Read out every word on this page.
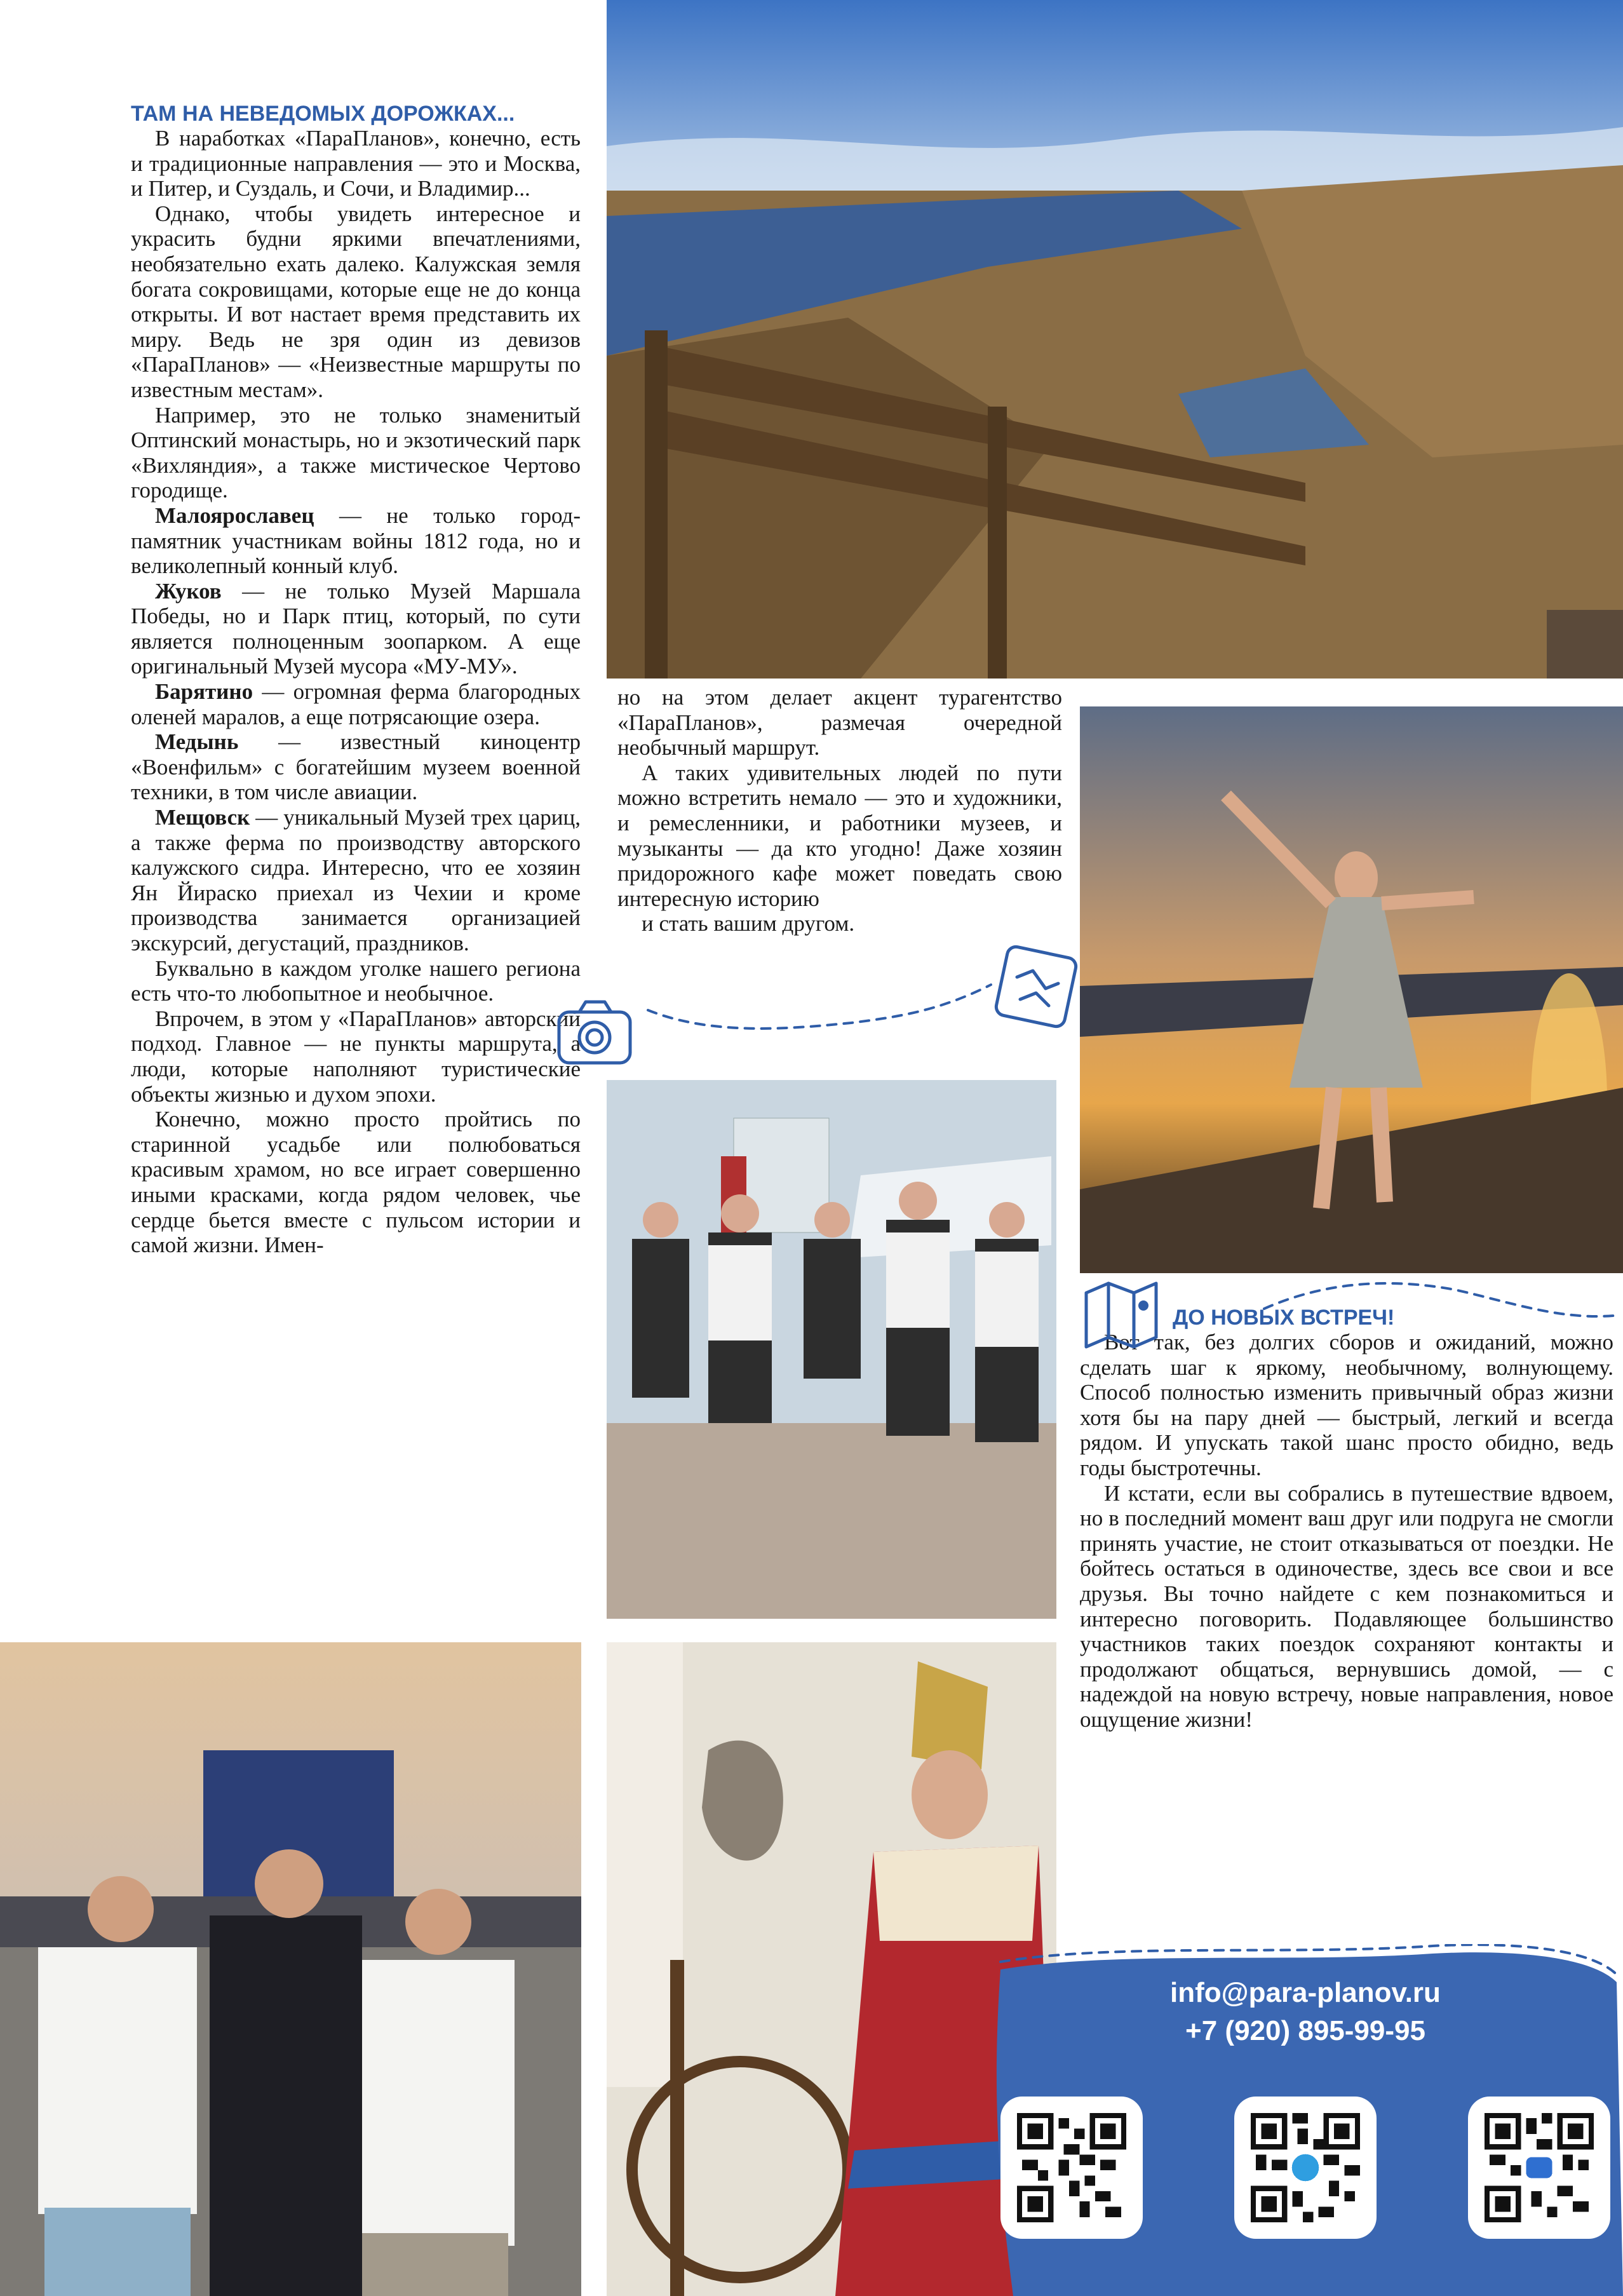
ТАМ НА НЕВЕДОМЫХ ДОРОЖКАХ...

В наработках «ПараПланов», конечно, есть и традиционные направления — это и Москва, и Питер, и Суздаль, и Сочи, и Владимир...

Однако, чтобы увидеть интересное и украсить будни яркими впечатлениями, необязательно ехать далеко. Калужская земля богата сокровищами, которые еще не до конца открыты. И вот настает время представить их миру. Ведь не зря один из девизов «ПараПланов» — «Неизвестные маршруты по известным местам».

Например, это не только знаменитый Оптинский монастырь, но и экзотический парк «Вихляндия», а также мистическое Чертово городище.

Малоярославец — не только город-памятник участникам войны 1812 года, но и великолепный конный клуб.

Жуков — не только Музей Маршала Победы, но и Парк птиц, который, по сути является полноценным зоопарком. А еще оригинальный Музей мусора «МУ-МУ».

Барятино — огромная ферма благородных оленей маралов, а еще потрясающие озера.

Медынь — известный киноцентр «Военфильм» с богатейшим музеем военной техники, в том числе авиации.

Мещовск — уникальный Музей трех цариц, а также ферма по производству авторского калужского сидра. Интересно, что ее хозяин Ян Йираско приехал из Чехии и кроме производства занимается организацией экскурсий, дегустаций, праздников.

Буквально в каждом уголке нашего региона есть что-то любопытное и необычное.

Впрочем, в этом у «ПараПланов» авторский подход. Главное — не пункты маршрута, а люди, которые наполняют туристические объекты жизнью и духом эпохи.

Конечно, можно просто пройтись по старинной усадьбе или полюбоваться красивым храмом, но все играет совершенно иными красками, когда рядом человек, чье сердце бьется вместе с пульсом истории и самой жизни. Имен-

но на этом делает акцент турагентство «ПараПланов», размечая очередной необычный маршрут.

А таких удивительных людей по пути можно встретить немало — это и художники, и ремесленники, и работники музеев, и музыканты — да кто угодно! Даже хозяин придорожного кафе может поведать свою интересную историю

и стать вашим другом.

ДО НОВЫХ ВСТРЕЧ!

Вот так, без долгих сборов и ожиданий, можно сделать шаг к яркому, необычному, волнующему. Способ полностью изменить привычный образ жизни хотя бы на пару дней — быстрый, легкий и всегда рядом. И упускать такой шанс просто обидно, ведь годы быстротечны.

И кстати, если вы собрались в путешествие вдвоем, но в последний момент ваш друг или подруга не смогли принять участие, не стоит отказываться от поездки. Не бойтесь остаться в одиночестве, здесь все свои и все друзья. Вы точно найдете с кем познакомиться и интересно поговорить. Подавляющее большинство участников таких поездок сохраняют контакты и продолжают общаться, вернувшись домой, — с надеждой на новую встречу, новые направления, новое ощущение жизни!

info@para-planov.ru
+7 (920) 895-99-95
